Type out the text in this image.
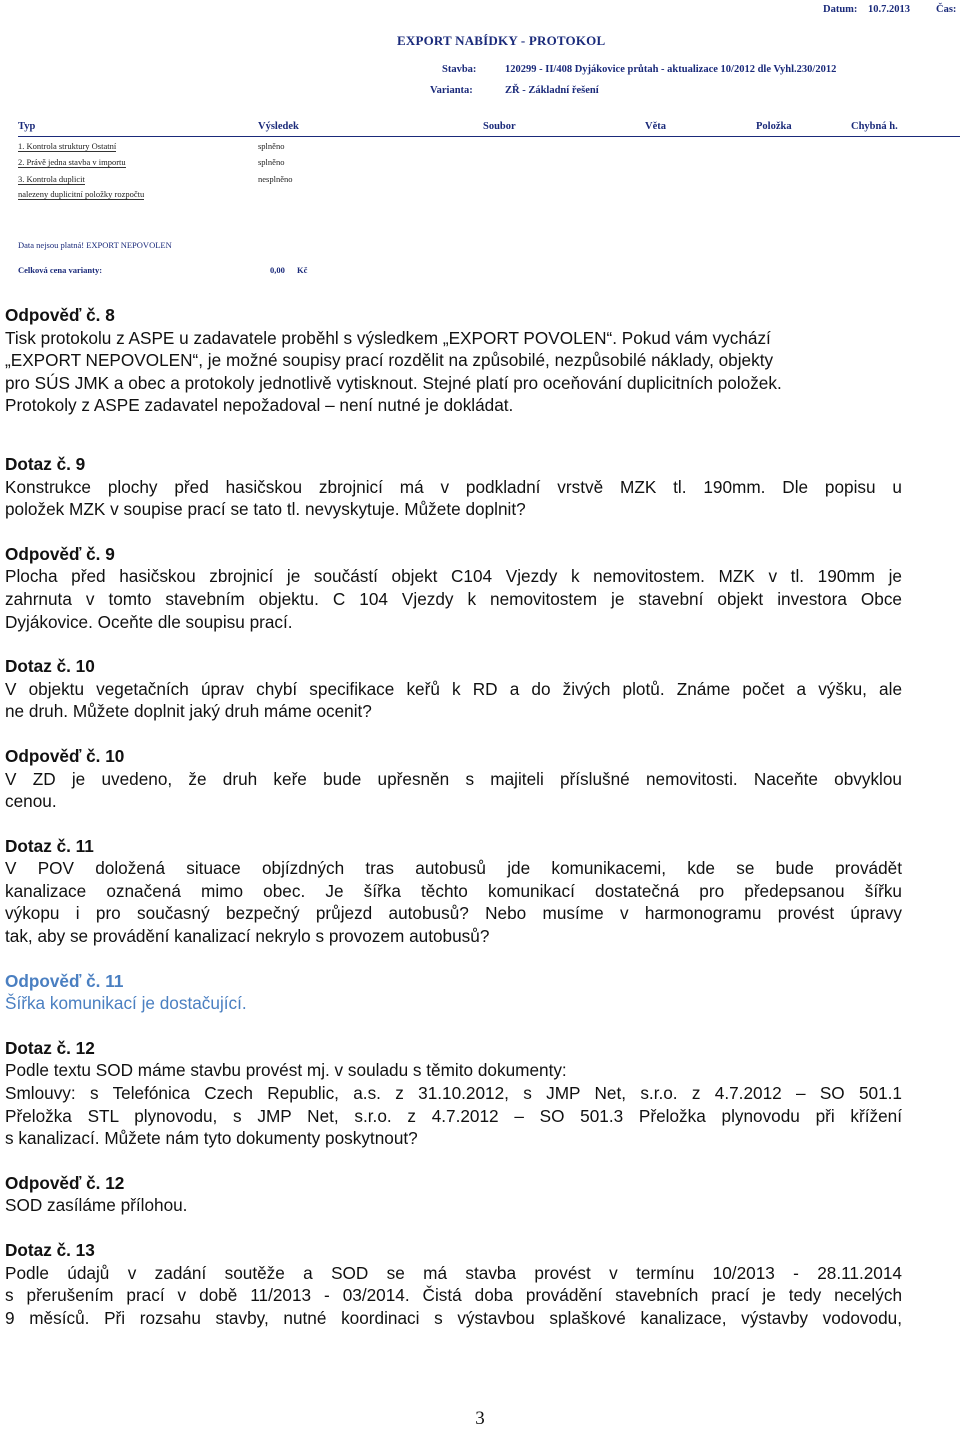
Datum: 10.7.2013 Čas:
EXPORT NABÍDKY - PROTOKOL
Stavba:	120299 - II/408 Dyjákovice průtah - aktualizace 10/2012 dle Vyhl.230/2012
Varianta:	ZŘ - Základní řešení
Typ	Výsledek	Soubor	Věta	Položka	Chybná h.
1. Kontrola struktury Ostatní	splněno
2. Právě jedna stavba v importu	splněno
3. Kontrola duplicit	nesplněno
nalezeny duplicitní položky rozpočtu
Data nejsou platná! EXPORT NEPOVOLEN
Celková cena varianty:	0,00 Kč

Odpověď č. 8

Tisk protokolu z ASPE u zadavatele proběhl s výsledkem „EXPORT POVOLEN“. Pokud vám vychází

„EXPORT NEPOVOLEN“, je možné soupisy prací rozdělit na způsobilé, nezpůsobilé náklady, objekty

pro SÚS JMK a obec a protokoly jednotlivě vytisknout. Stejné platí pro oceňování duplicitních položek.

Protokoly z ASPE zadavatel nepožadoval – není nutné je dokládat.

Dotaz č. 9

Konstrukce plochy před hasičskou zbrojnicí má v podkladní vrstvě MZK tl. 190mm. Dle popisu u

položek MZK v soupise prací se tato tl. nevyskytuje. Můžete doplnit?

Odpověď č. 9

Plocha před hasičskou zbrojnicí je součástí objekt C104 Vjezdy k nemovitostem. MZK v tl. 190mm je

zahrnuta v tomto stavebním objektu. C 104 Vjezdy k nemovitostem je stavební objekt investora Obce

Dyjákovice. Oceňte dle soupisu prací.

Dotaz č. 10

V objektu vegetačních úprav chybí specifikace keřů k RD a do živých plotů. Známe počet a výšku, ale

ne druh. Můžete doplnit jaký druh máme ocenit?

Odpověď č. 10

V ZD je uvedeno, že druh keře bude upřesněn s majiteli příslušné nemovitosti. Naceňte obvyklou

cenou.

Dotaz č. 11

V POV doložená situace objízdných tras autobusů jde komunikacemi, kde se bude provádět

kanalizace označená mimo obec. Je šířka těchto komunikací dostatečná pro předepsanou šířku

výkopu i pro současný bezpečný průjezd autobusů? Nebo musíme v harmonogramu provést úpravy

tak, aby se provádění kanalizací nekrylo s provozem autobusů?

Odpověď č. 11

Šířka komunikací je dostačující.

Dotaz č. 12

Podle textu SOD máme stavbu provést mj. v souladu s těmito dokumenty:

Smlouvy: s Telefónica Czech Republic, a.s. z 31.10.2012, s JMP Net, s.r.o. z 4.7.2012 – SO 501.1

Přeložka STL plynovodu, s JMP Net, s.r.o. z 4.7.2012 – SO 501.3 Přeložka plynovodu při křížení

s kanalizací. Můžete nám tyto dokumenty poskytnout?

Odpověď č. 12

SOD zasíláme přílohou.

Dotaz č. 13

Podle údajů v zadání soutěže a SOD se má stavba provést v termínu 10/2013 - 28.11.2014

s přerušením prací v době 11/2013 - 03/2014. Čistá doba provádění stavebních prací je tedy necelých

9 měsíců. Při rozsahu stavby, nutné koordinaci s výstavbou splaškové kanalizace, výstavby vodovodu,

3
